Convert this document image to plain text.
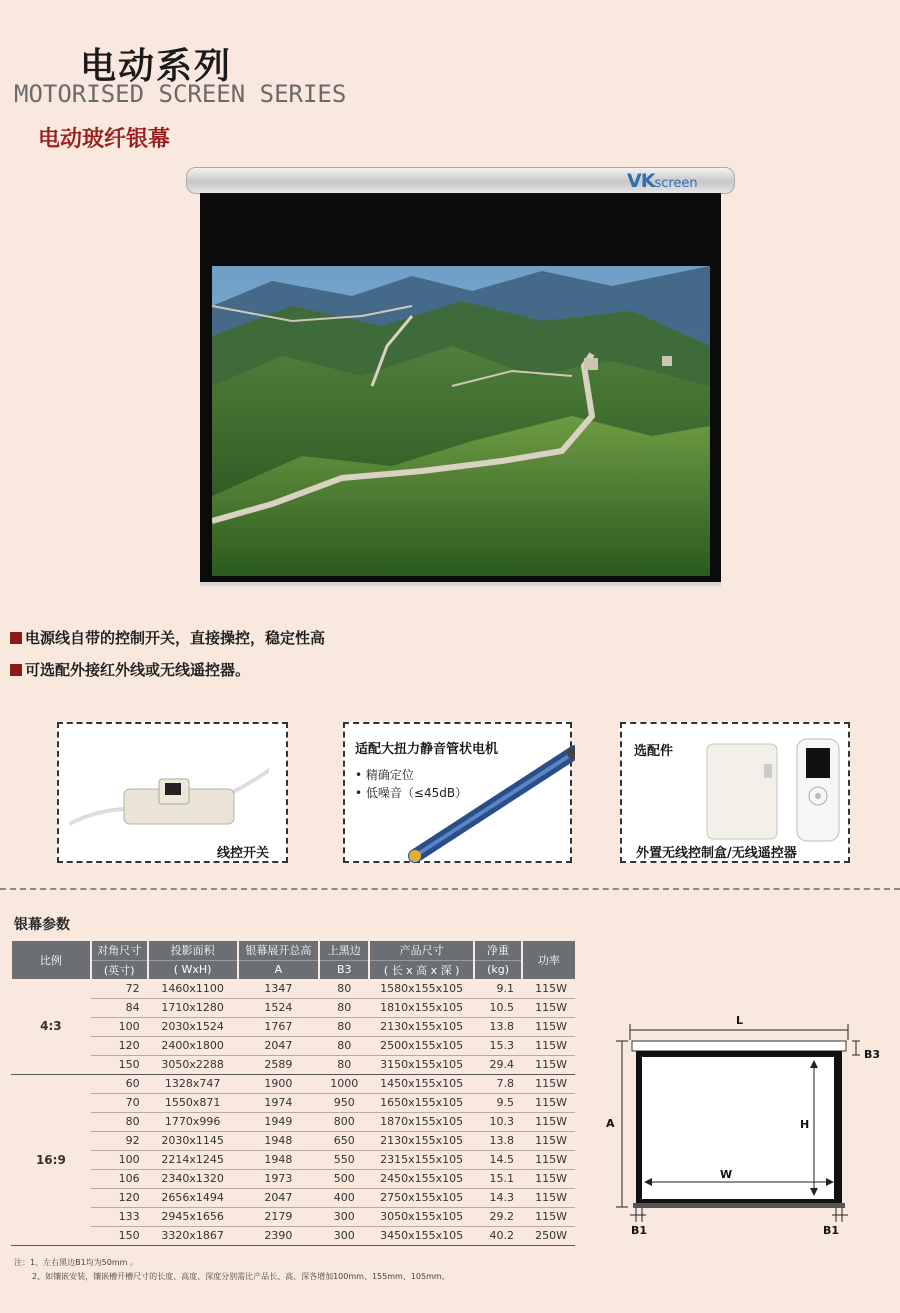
电动系列
MOTORISED SCREEN SERIES
电动玻纤银幕
VKscreen
电源线自带的控制开关，直接操控，稳定性高
可选配外接红外线或无线遥控器。
线控开关
适配大扭力静音管状电机
• 精确定位
• 低噪音（≤45dB）
选配件
外置无线控制盒/无线遥控器
银幕参数
比例	对角尺寸	投影面积	银幕展开总高	上黑边	产品尺寸	净重	功率
	(英寸)	( WxH)	A	B3	( 长 x 高 x 深 )	(kg)	
4:3	72	1460x1100	1347	80	1580x155x105	9.1	115W
	84	1710x1280	1524	80	1810x155x105	10.5	115W
	100	2030x1524	1767	80	2130x155x105	13.8	115W
	120	2400x1800	2047	80	2500x155x105	15.3	115W
	150	3050x2288	2589	80	3150x155x105	29.4	115W
16:9	60	1328x747	1900	1000	1450x155x105	7.8	115W
	70	1550x871	1974	950	1650x155x105	9.5	115W
	80	1770x996	1949	800	1870x155x105	10.3	115W
	92	2030x1145	1948	650	2130x155x105	13.8	115W
	100	2214x1245	1948	550	2315x155x105	14.5	115W
	106	2340x1320	1973	500	2450x155x105	15.1	115W
	120	2656x1494	2047	400	2750x155x105	14.3	115W
	133	2945x1656	2179	300	3050x155x105	29.2	115W
	150	3320x1867	2390	300	3450x155x105	40.2	250W
注：1、左右黑边B1均为50mm 。
2、如镶嵌安装，镶嵌槽开槽尺寸的长度、高度、深度分别需比产品长、高、深各增加100mm、155mm、105mm。
L
B3
A	H
W
B1	B1
